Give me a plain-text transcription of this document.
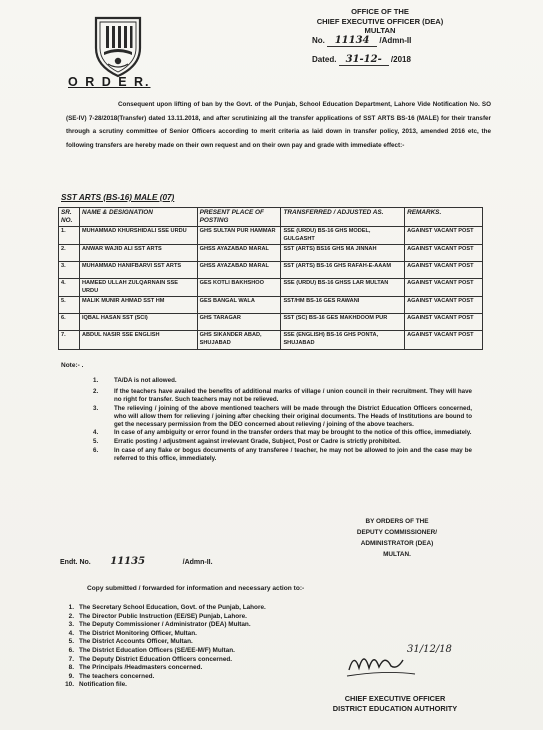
OFFICE OF THE
CHIEF EXECUTIVE OFFICER (DEA)
MULTAN
No. 11134 /Admn-II
Dated. 31-12- /2018
O R D E R.
Consequent upon lifting of ban by the Govt. of the Punjab, School Education Department, Lahore Vide Notification No. SO (SE-IV) 7-28/2018(Transfer) dated 13.11.2018, and after scrutinizing all the transfer applications of SST ARTS BS-16 (MALE) for their transfer through a scrutiny committee of Senior Officers according to merit criteria as laid down in transfer policy, 2013, amended 2016 etc, the following transfers are hereby made on their own request and on their own pay and grade with immediate effect:-
SST ARTS (BS-16) MALE (07)
SR. NO.	NAME & DESIGNATION	PRESENT PLACE OF POSTING	TRANSFERRED / ADJUSTED AS.	REMARKS.
1.	MUHAMMAD KHURSHIDALI SSE URDU	GHS SULTAN PUR HAMMAR	SSE (URDU) BS-16 GHS MODEL, GULGASHT	AGAINST VACANT POST
2.	ANWAR WAJID ALI SST ARTS	GHSS AYAZABAD MARAL	SST (ARTS) BS16 GHS MA JINNAH	AGAINST VACANT POST
3.	MUHAMMAD HANIFBARVI SST ARTS	GHSS AYAZABAD MARAL	SST (ARTS) BS-16 GHS RAFAH-E-AAAM	AGAINST VACANT POST
4.	HAMEED ULLAH ZULQARNAIN SSE URDU	GES KOTLI BAKHSHOO	SSE (URDU) BS-16 GHSS LAR MULTAN	AGAINST VACANT POST
5.	MALIK MUNIR AHMAD SST HM	GES BANGAL WALA	SST/HM BS-16 GES RAWANI	AGAINST VACANT POST
6.	IQBAL HASAN SST (SCI)	GHS TARAGAR	SST (SC) BS-16 GES MAKHDOOM PUR	AGAINST VACANT POST
7.	ABDUL NASIR SSE ENGLISH	GHS SIKANDER ABAD, SHUJABAD	SSE (ENGLISH) BS-16 GHS PONTA, SHUJABAD	AGAINST VACANT POST
Note:- .
1.	TA/DA is not allowed.
2.	If the teachers have availed the benefits of additional marks of village / union council in their recruitment. They will have no right for transfer. Such teachers may not be relieved.
3.	The relieving / joining of the above mentioned teachers will be made through the District Education Officers concerned, who will allow them for relieving / joining after checking their original documents. The Heads of Institutions are bound to get the necessary permission from the DEO concerned about relieving / joining of the above teachers.
4.	In case of any ambiguity or error found in the transfer orders that may be brought to the notice of this office, immediately.
5.	Erratic posting / adjustment against irrelevant Grade, Subject, Post or Cadre is strictly prohibited.
6.	In case of any flake or bogus documents of any transferee / teacher, he may not be allowed to join and the case may be referred to this office, immediately.
BY ORDERS OF THE
DEPUTY COMMISSIONER/
ADMINISTRATOR (DEA)
MULTAN.
Endt. No. 11135	/Admn-II.
Copy submitted / forwarded for information and necessary action to:-
1. The Secretary School Education, Govt. of the Punjab, Lahore.
2. The Director Public Instruction (EE/SE) Punjab, Lahore.
3. The Deputy Commissioner / Administrator (DEA) Multan.
4. The District Monitoring Officer, Multan.
5. The District Accounts Officer, Multan.
6. The District Education Officers (SE/EE-M/F) Multan.
7. The Deputy District Education Officers concerned.
8. The Principals /Headmasters concerned.
9. The teachers concerned.
10. Notification file.
31/12/18
CHIEF EXECUTIVE OFFICER
DISTRICT EDUCATION AUTHORITY
